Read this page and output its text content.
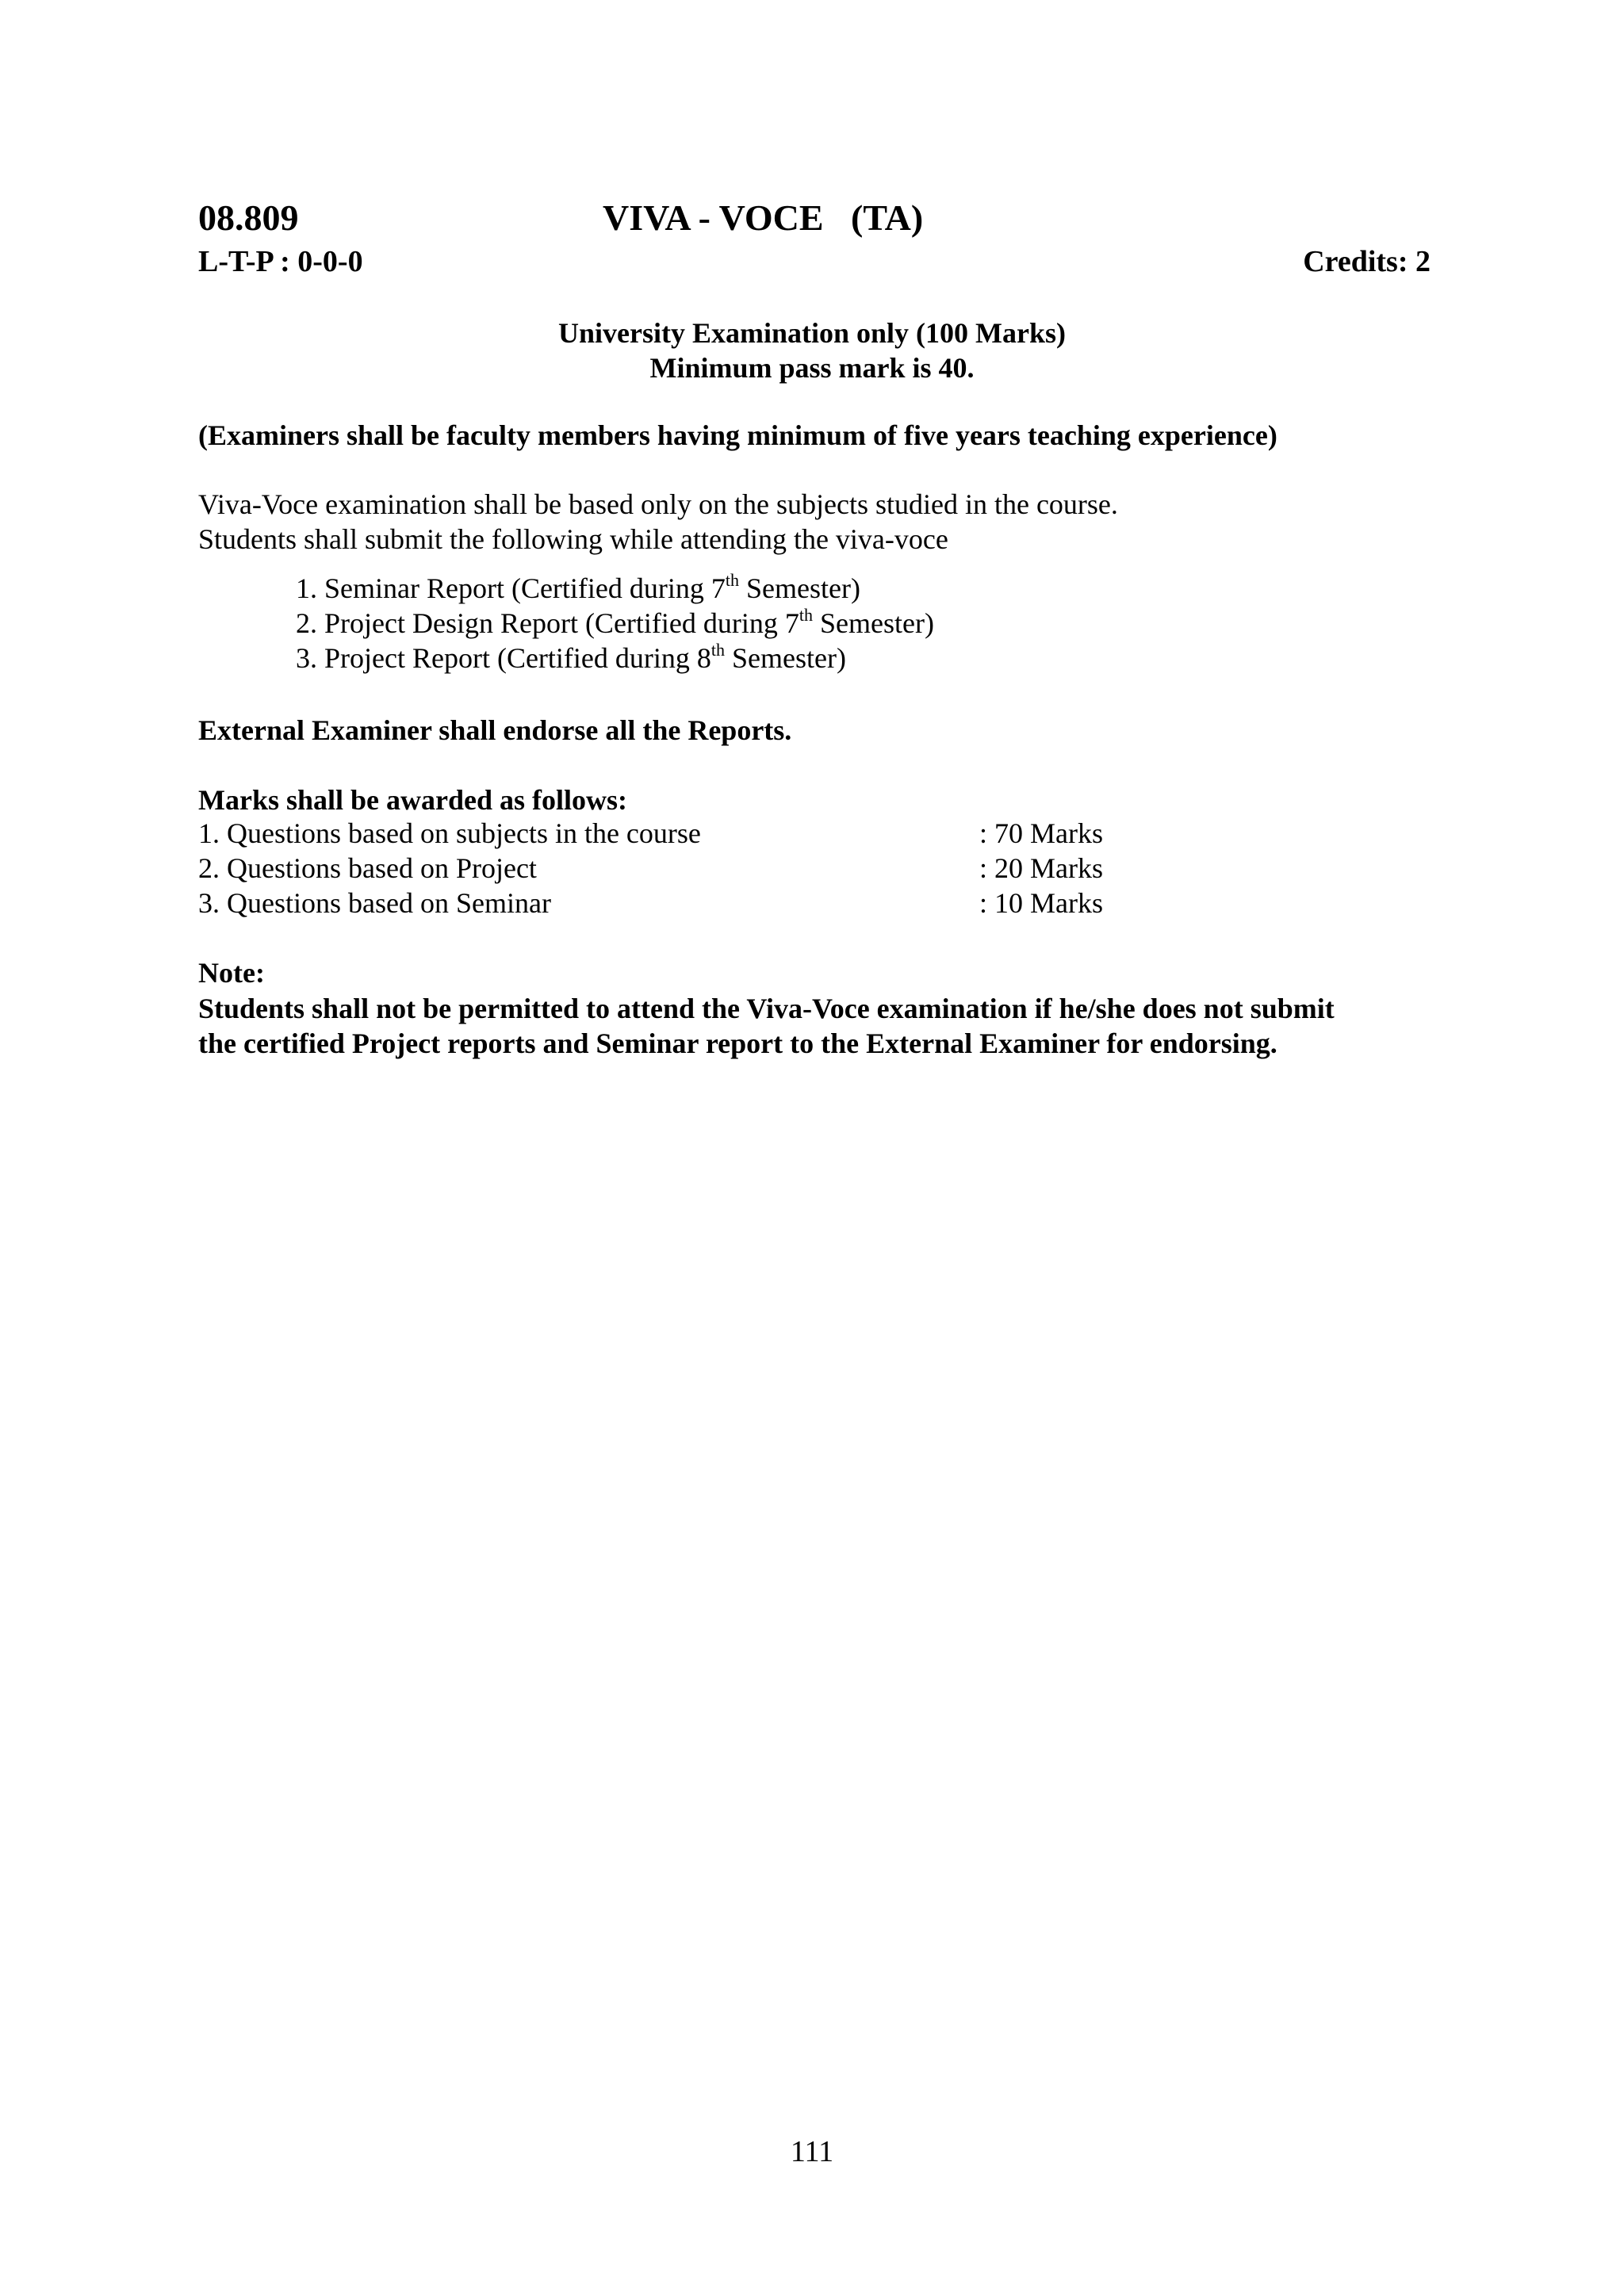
08.809	VIVA - VOCE   (TA)
L-T-P : 0-0-0	Credits: 2
University Examination only (100 Marks)
Minimum pass mark is 40.
(Examiners shall be faculty members having minimum of five years teaching experience)
Viva-Voce examination shall be based only on the subjects studied in the course.
Students shall submit the following while attending the viva-voce
1. Seminar Report (Certified during 7th Semester)
2. Project Design Report (Certified during 7th Semester)
3. Project Report (Certified during 8th Semester)
External Examiner shall endorse all the Reports.
Marks shall be awarded as follows:
1. Questions based on subjects in the course	: 70 Marks
2. Questions based on Project	: 20 Marks
3. Questions based on Seminar	: 10 Marks
Note:
Students shall not be permitted to attend the Viva-Voce examination if he/she does not submit
the certified Project reports and Seminar report to the External Examiner for endorsing.
111
